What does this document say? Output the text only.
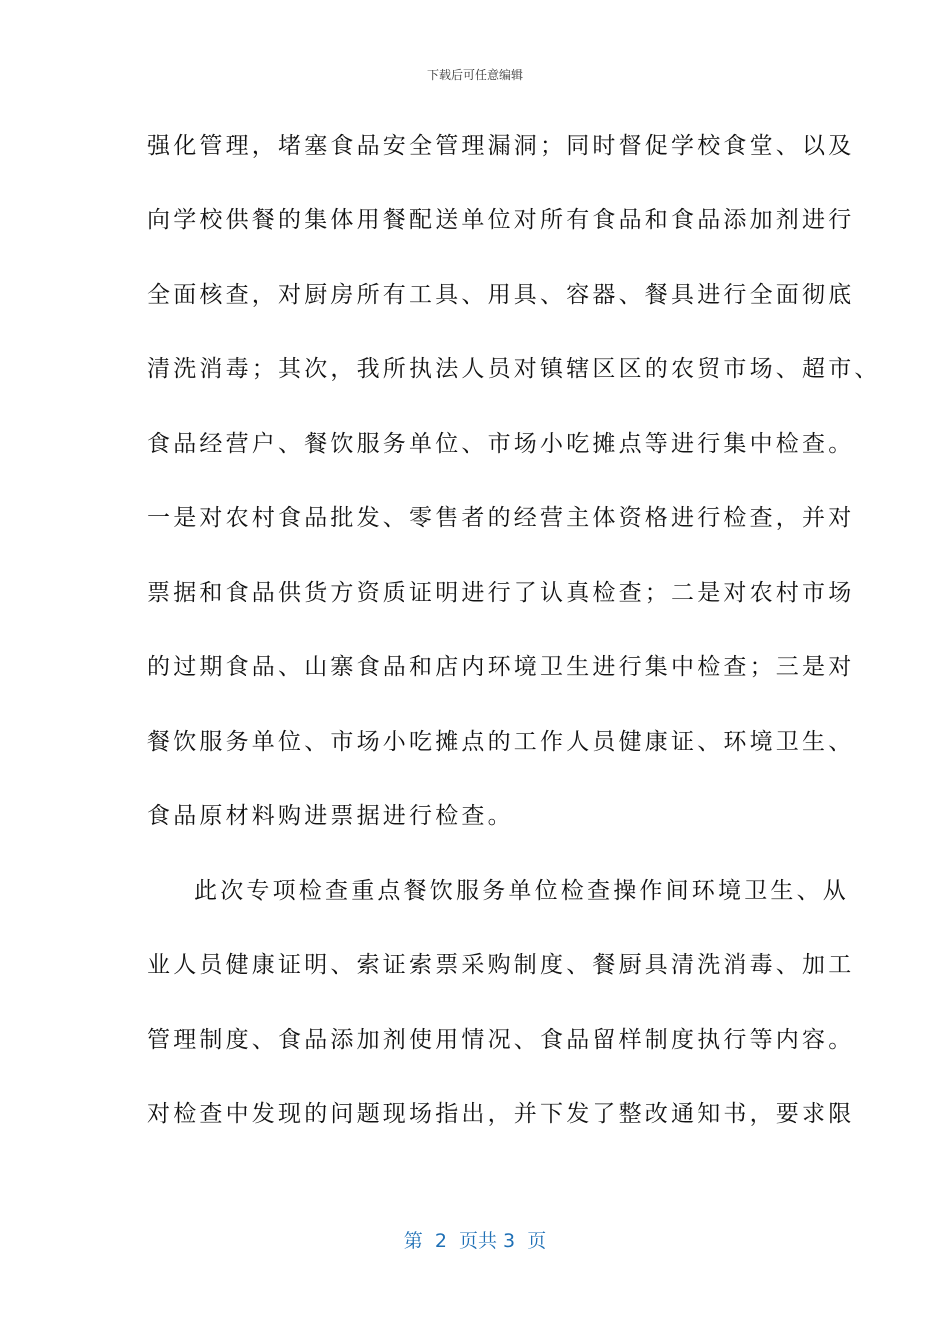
下载后可任意编辑
强化管理，堵塞食品安全管理漏洞；同时督促学校食堂、以及
向学校供餐的集体用餐配送单位对所有食品和食品添加剂进行
全面核查，对厨房所有工具、用具、容器、餐具进行全面彻底
清洗消毒；其次，我所执法人员对镇辖区区的农贸市场、超市、
食品经营户、餐饮服务单位、市场小吃摊点等进行集中检查。
一是对农村食品批发、零售者的经营主体资格进行检查，并对
票据和食品供货方资质证明进行了认真检查；二是对农村市场
的过期食品、山寨食品和店内环境卫生进行集中检查；三是对
餐饮服务单位、市场小吃摊点的工作人员健康证、环境卫生、
食品原材料购进票据进行检查。
此次专项检查重点餐饮服务单位检查操作间环境卫生、从
业人员健康证明、索证索票采购制度、餐厨具清洗消毒、加工
管理制度、食品添加剂使用情况、食品留样制度执行等内容。
对检查中发现的问题现场指出，并下发了整改通知书，要求限
第  2  页共 3  页
